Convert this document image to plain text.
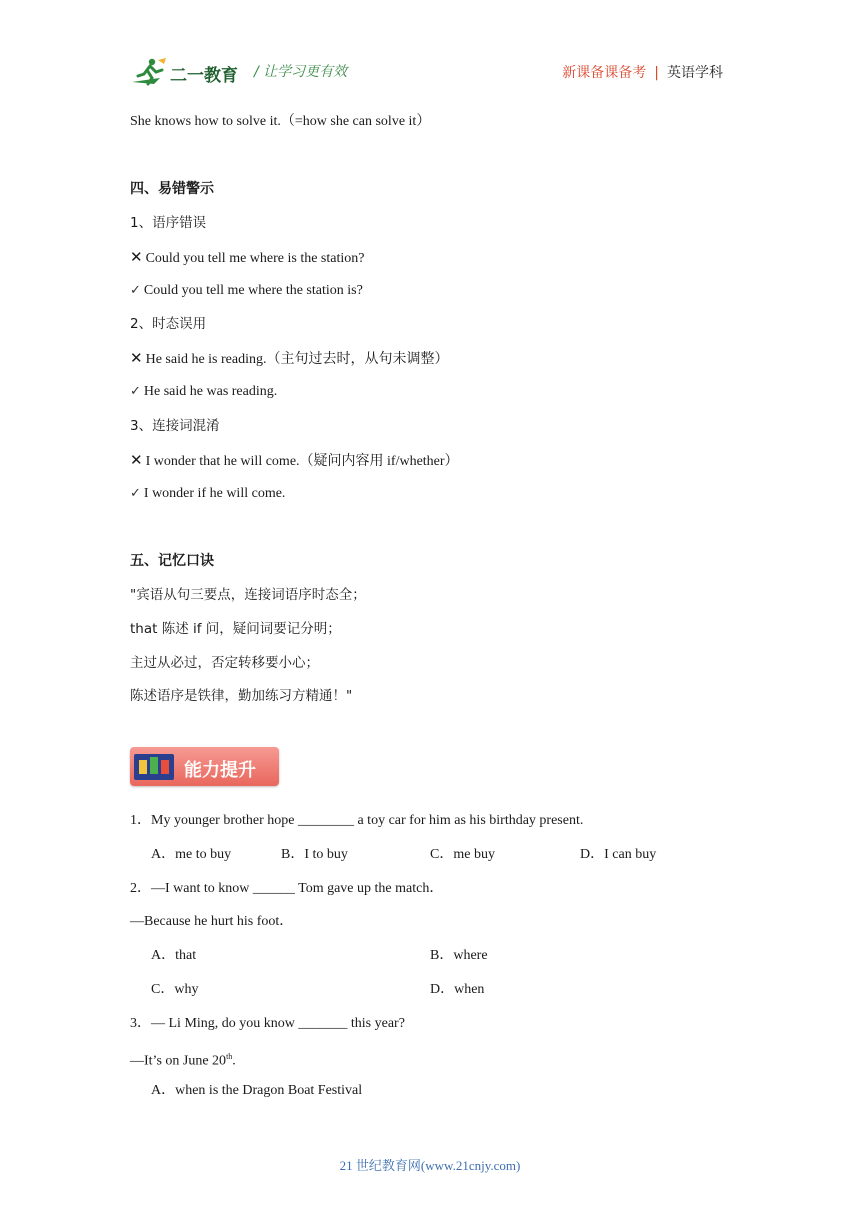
二一教育 / 让学习更有效	新课备课备考 | 英语学科
She knows how to solve it.（=how she can solve it）
四、易错警示
1、语序错误
✕ Could you tell me where is the station?
✓ Could you tell me where the station is?
2、时态误用
✕ He said he is reading.（主句过去时，从句未调整）
✓ He said he was reading.
3、连接词混淆
✕ I wonder that he will come.（疑问内容用 if/whether）
✓ I wonder if he will come.
五、记忆口诀
"宾语从句三要点，连接词语序时态全；
that 陈述 if 问，疑问词要记分明；
主过从必过，否定转移要小心；
陈述语序是铁律，勤加练习方精通！"
能力提升
1．My younger brother hope ________ a toy car for him as his birthday present.
A．me to buy	B．I to buy	C．me buy	D．I can buy
2．—I want to know ______ Tom gave up the match．
—Because he hurt his foot．
A．that	B．where
C．why	D．when
3．— Li Ming, do you know _______ this year?
—It’s on June 20th.
A．when is the Dragon Boat Festival
21 世纪教育网(www.21cnjy.com)
